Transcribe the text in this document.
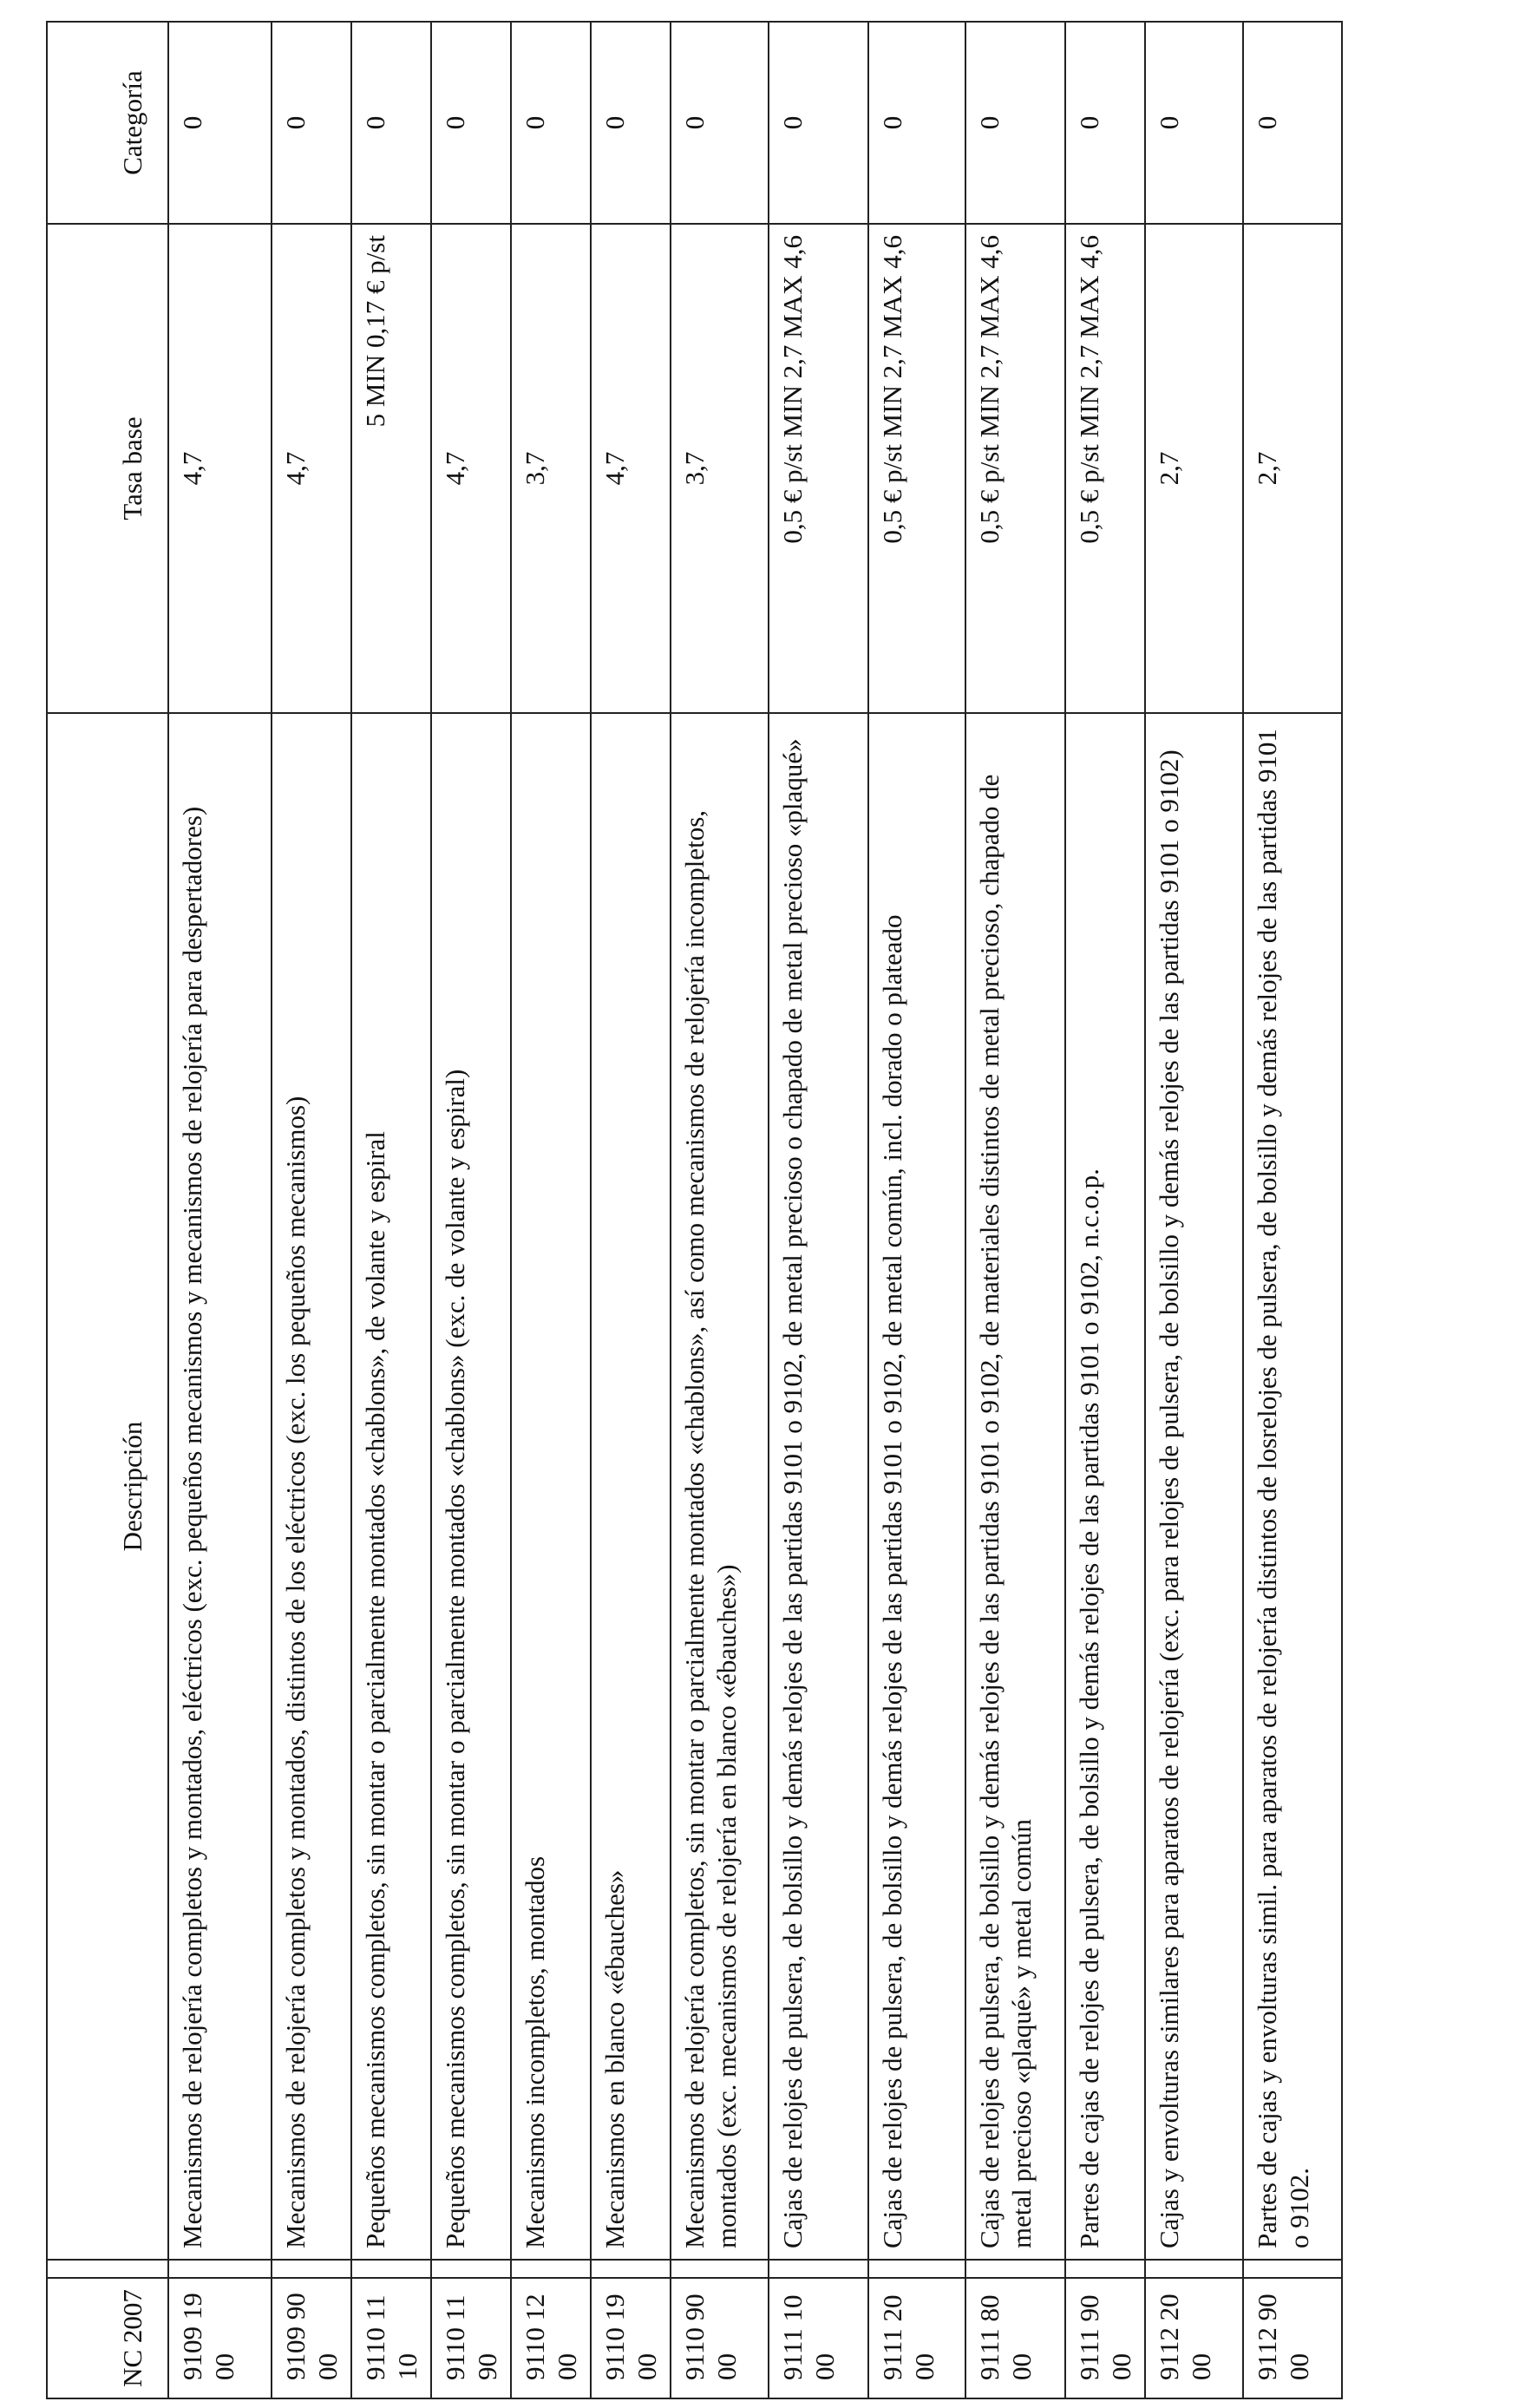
NC 2007		Descripción	Tasa base	Categoría
9109 19 00		Mecanismos de relojería completos y montados, eléctricos (exc. pequeños mecanismos y mecanismos de relojería para despertadores)	4,7	0
9109 90 00		Mecanismos de relojería completos y montados, distintos de los eléctricos (exc. los pequeños mecanismos)	4,7	0
9110 11 10		Pequeños mecanismos completos, sin montar o parcialmente montados «chablons», de volante y espiral	5 MIN 0,17 € p/st	0
9110 11 90		Pequeños mecanismos completos, sin montar o parcialmente montados «chablons» (exc. de volante y espiral)	4,7	0
9110 12 00		Mecanismos incompletos, montados	3,7	0
9110 19 00		Mecanismos en blanco «ébauches»	4,7	0
9110 90 00		Mecanismos de relojería completos, sin montar o parcialmente montados «chablons», así como mecanismos de relojería incompletos, montados (exc. mecanismos de relojería en blanco «ébauches»)	3,7	0
9111 10 00		Cajas de relojes de pulsera, de bolsillo y demás relojes de las partidas 9101 o 9102, de metal precioso o chapado de metal precioso «plaqué»	0,5 € p/st MIN 2,7 MAX 4,6	0
9111 20 00		Cajas de relojes de pulsera, de bolsillo y demás relojes de las partidas 9101 o 9102, de metal común, incl. dorado o plateado	0,5 € p/st MIN 2,7 MAX 4,6	0
9111 80 00		Cajas de relojes de pulsera, de bolsillo y demás relojes de las partidas 9101 o 9102, de materiales distintos de metal precioso, chapado de metal precioso «plaqué» y metal común	0,5 € p/st MIN 2,7 MAX 4,6	0
9111 90 00		Partes de cajas de relojes de pulsera, de bolsillo y demás relojes de las partidas 9101 o 9102, n.c.o.p.	0,5 € p/st MIN 2,7 MAX 4,6	0
9112 20 00		Cajas y envolturas similares para aparatos de relojería (exc. para relojes de pulsera, de bolsillo y demás relojes de las partidas 9101 o 9102)	2,7	0
9112 90 00		Partes de cajas y envolturas simil. para aparatos de relojería distintos de losrelojes de pulsera, de bolsillo y demás relojes de las partidas 9101 o 9102.	2,7	0
